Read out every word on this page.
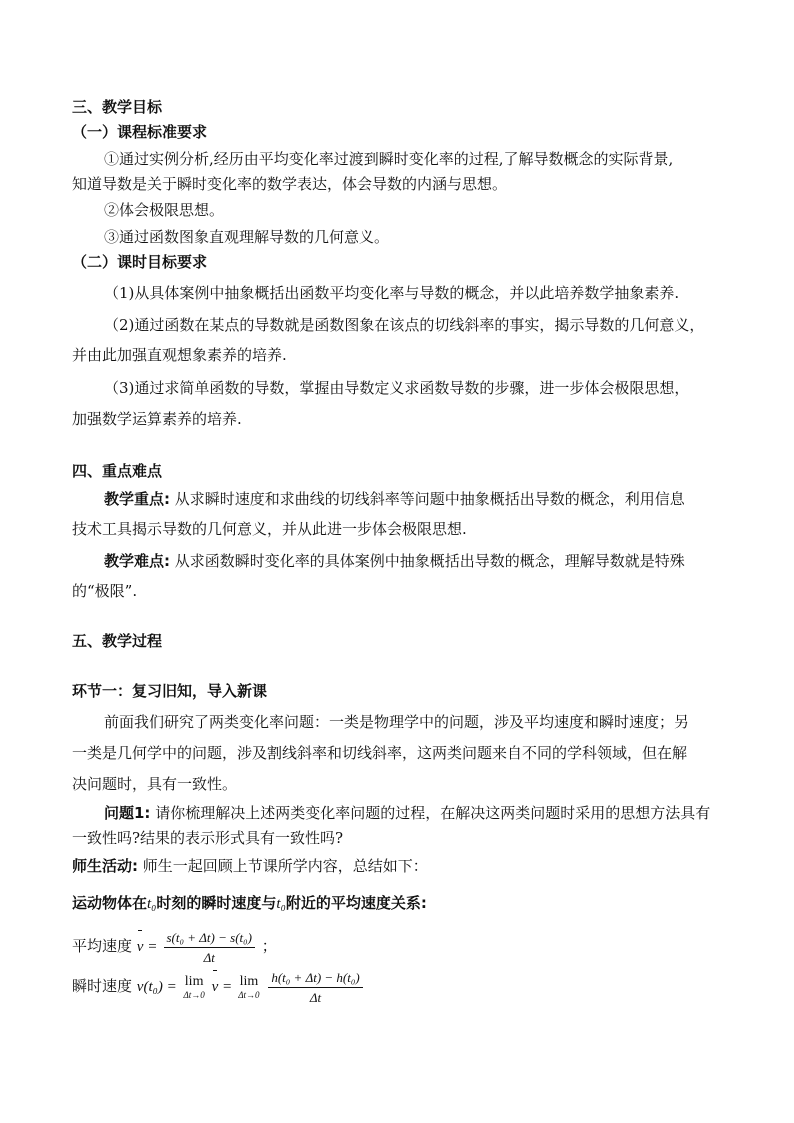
三、教学目标
（一）课程标准要求
①通过实例分析,经历由平均变化率过渡到瞬时变化率的过程,了解导数概念的实际背景,
知道导数是关于瞬时变化率的数学表达，体会导数的内涵与思想。
②体会极限思想。
③通过函数图象直观理解导数的几何意义。
（二）课时目标要求
（1)从具体案例中抽象概括出函数平均变化率与导数的概念，并以此培养数学抽象素养.
（2)通过函数在某点的导数就是函数图象在该点的切线斜率的事实，揭示导数的几何意义，
并由此加强直观想象素养的培养.
（3)通过求简单函数的导数，掌握由导数定义求函数导数的步骤，进一步体会极限思想，
加强数学运算素养的培养.
四、重点难点
教学重点: 从求瞬时速度和求曲线的切线斜率等问题中抽象概括出导数的概念，利用信息
技术工具揭示导数的几何意义，并从此进一步体会极限思想.
教学难点: 从求函数瞬时变化率的具体案例中抽象概括出导数的概念，理解导数就是特殊
的“极限”.
五、教学过程
环节一：复习旧知，导入新课
前面我们研究了两类变化率问题：一类是物理学中的问题，涉及平均速度和瞬时速度；另
一类是几何学中的问题，涉及割线斜率和切线斜率，这两类问题来自不同的学科领域，但在解
决问题时，具有一致性。
问题1: 请你梳理解决上述两类变化率问题的过程，在解决这两类问题时采用的思想方法具有
一致性吗?结果的表示形式具有一致性吗?
师生活动: 师生一起回顾上节课所学内容，总结如下：
运动物体在t₀时刻的瞬时速度与t₀附近的平均速度关系:
平均速度 $v = \frac{\text{s(t₀ + Δt) − s(t₀)}}{\Delta t}$ ；
瞬时速度 v(t₀) = lim
Δt→0 v = lim
Δt→0
$\frac{\text{h(t₀ + Δt) − h(t₀)}}{\Delta t}$
